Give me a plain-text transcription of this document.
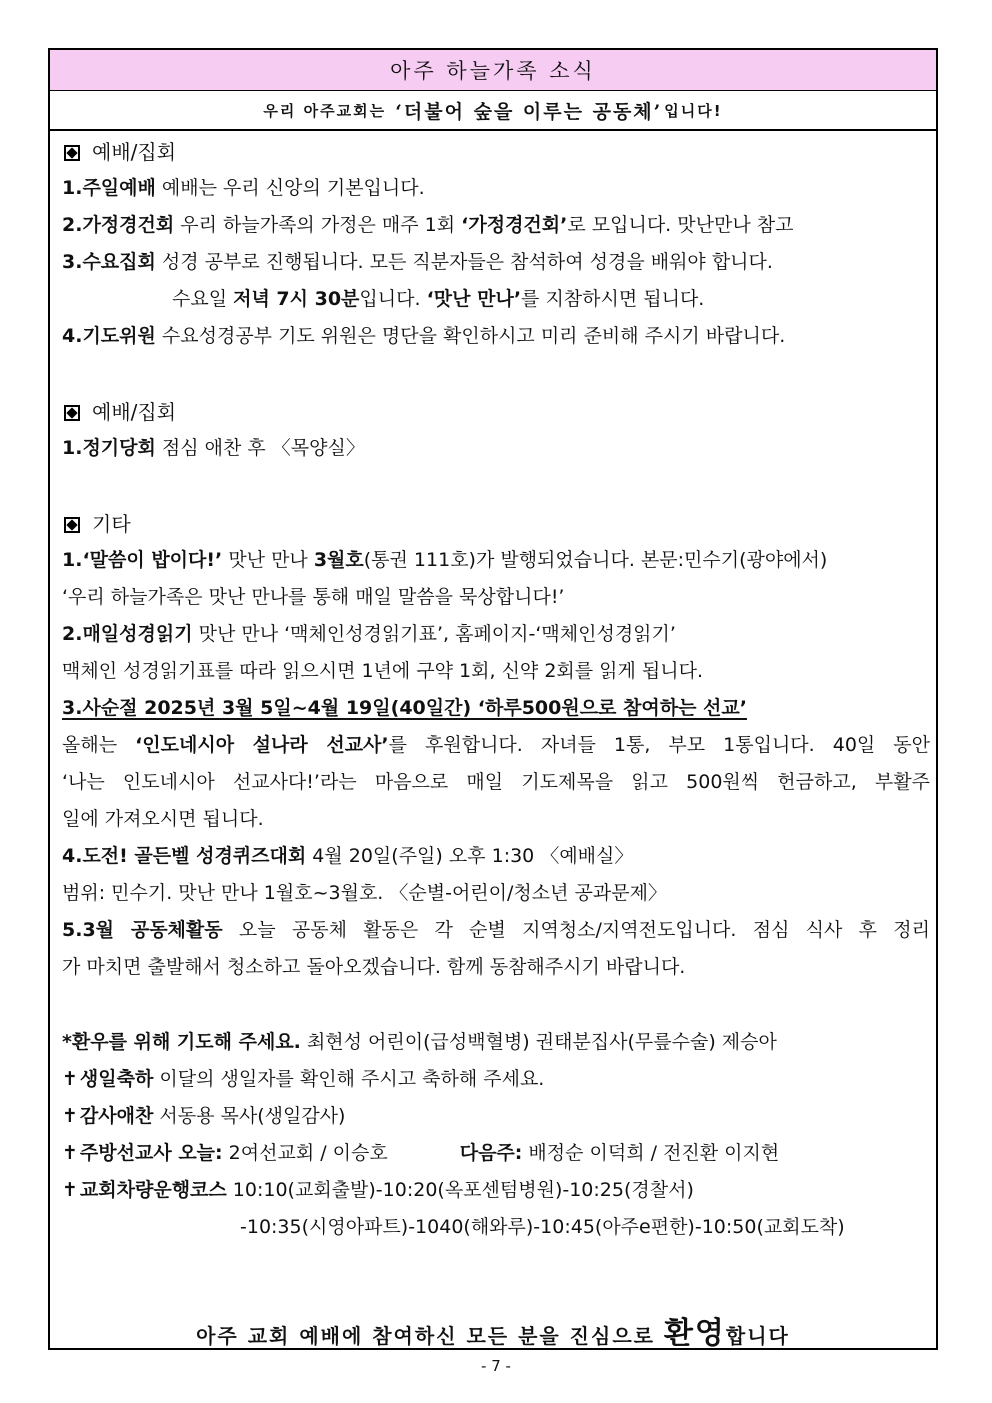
아주 하늘가족 소식
우리 아주교회는
‘더불어 숲을 이루는 공동체’ 입니다!
예배/집회
1.주일예배 예배는 우리 신앙의 기본입니다.
2.가정경건회 우리 하늘가족의 가정은 매주 1회 ‘가정경건회’로 모입니다. 맛난만나 참고
3.수요집회 성경 공부로 진행됩니다. 모든 직분자들은 참석하여 성경을 배워야 합니다.
수요일 저녁 7시 30분입니다. ‘맛난 만나’를 지참하시면 됩니다.
4.기도위원 수요성경공부 기도 위원은 명단을 확인하시고 미리 준비해 주시기 바랍니다.
예배/집회
1.정기당회 점심 애찬 후 〈목양실〉
기타
1.‘말씀이 밥이다!’ 맛난 만나 3월호(통권 111호)가 발행되었습니다. 본문:민수기(광야에서)
‘우리 하늘가족은 맛난 만나를 통해 매일 말씀을 묵상합니다!’
2.매일성경읽기 맛난 만나 ‘맥체인성경읽기표’, 홈페이지-‘맥체인성경읽기’
맥체인 성경읽기표를 따라 읽으시면 1년에 구약 1회, 신약 2회를 읽게 됩니다.
3.사순절 2025년 3월 5일~4월 19일(40일간) ‘하루500원으로 참여하는 선교’
올해는 ‘인도네시아 설나라 선교사’를 후원합니다. 자녀들 1통, 부모 1통입니다. 40일 동안
‘나는 인도네시아 선교사다!’라는 마음으로 매일 기도제목을 읽고 500원씩 헌금하고, 부활주
일에 가져오시면 됩니다.
4.도전! 골든벨 성경퀴즈대회 4월 20일(주일) 오후 1:30 〈예배실〉
범위: 민수기. 맛난 만나 1월호~3월호. 〈순별-어린이/청소년 공과문제〉
5.3월 공동체활동 오늘 공동체 활동은 각 순별 지역청소/지역전도입니다. 점심 식사 후 정리
가 마치면 출발해서 청소하고 돌아오겠습니다. 함께 동참해주시기 바랍니다.
*환우를 위해 기도해 주세요. 최현성 어린이(급성백혈병) 권태분집사(무릎수술) 제승아
✝ 생일축하 이달의 생일자를 확인해 주시고 축하해 주세요.
✝ 감사애찬 서동용 목사(생일감사)
✝ 주방선교사 오늘: 2여선교회 / 이승호	다음주: 배정순 이덕희 / 전진환 이지현
✝ 교회차량운행코스 10:10(교회출발)-10:20(옥포센텀병원)-10:25(경찰서)
-10:35(시영아파트)-1040(해와루)-10:45(아주e편한)-10:50(교회도착)
아주 교회 예배에 참여하신 모든 분을 진심으로 환영합니다
- 7 -
